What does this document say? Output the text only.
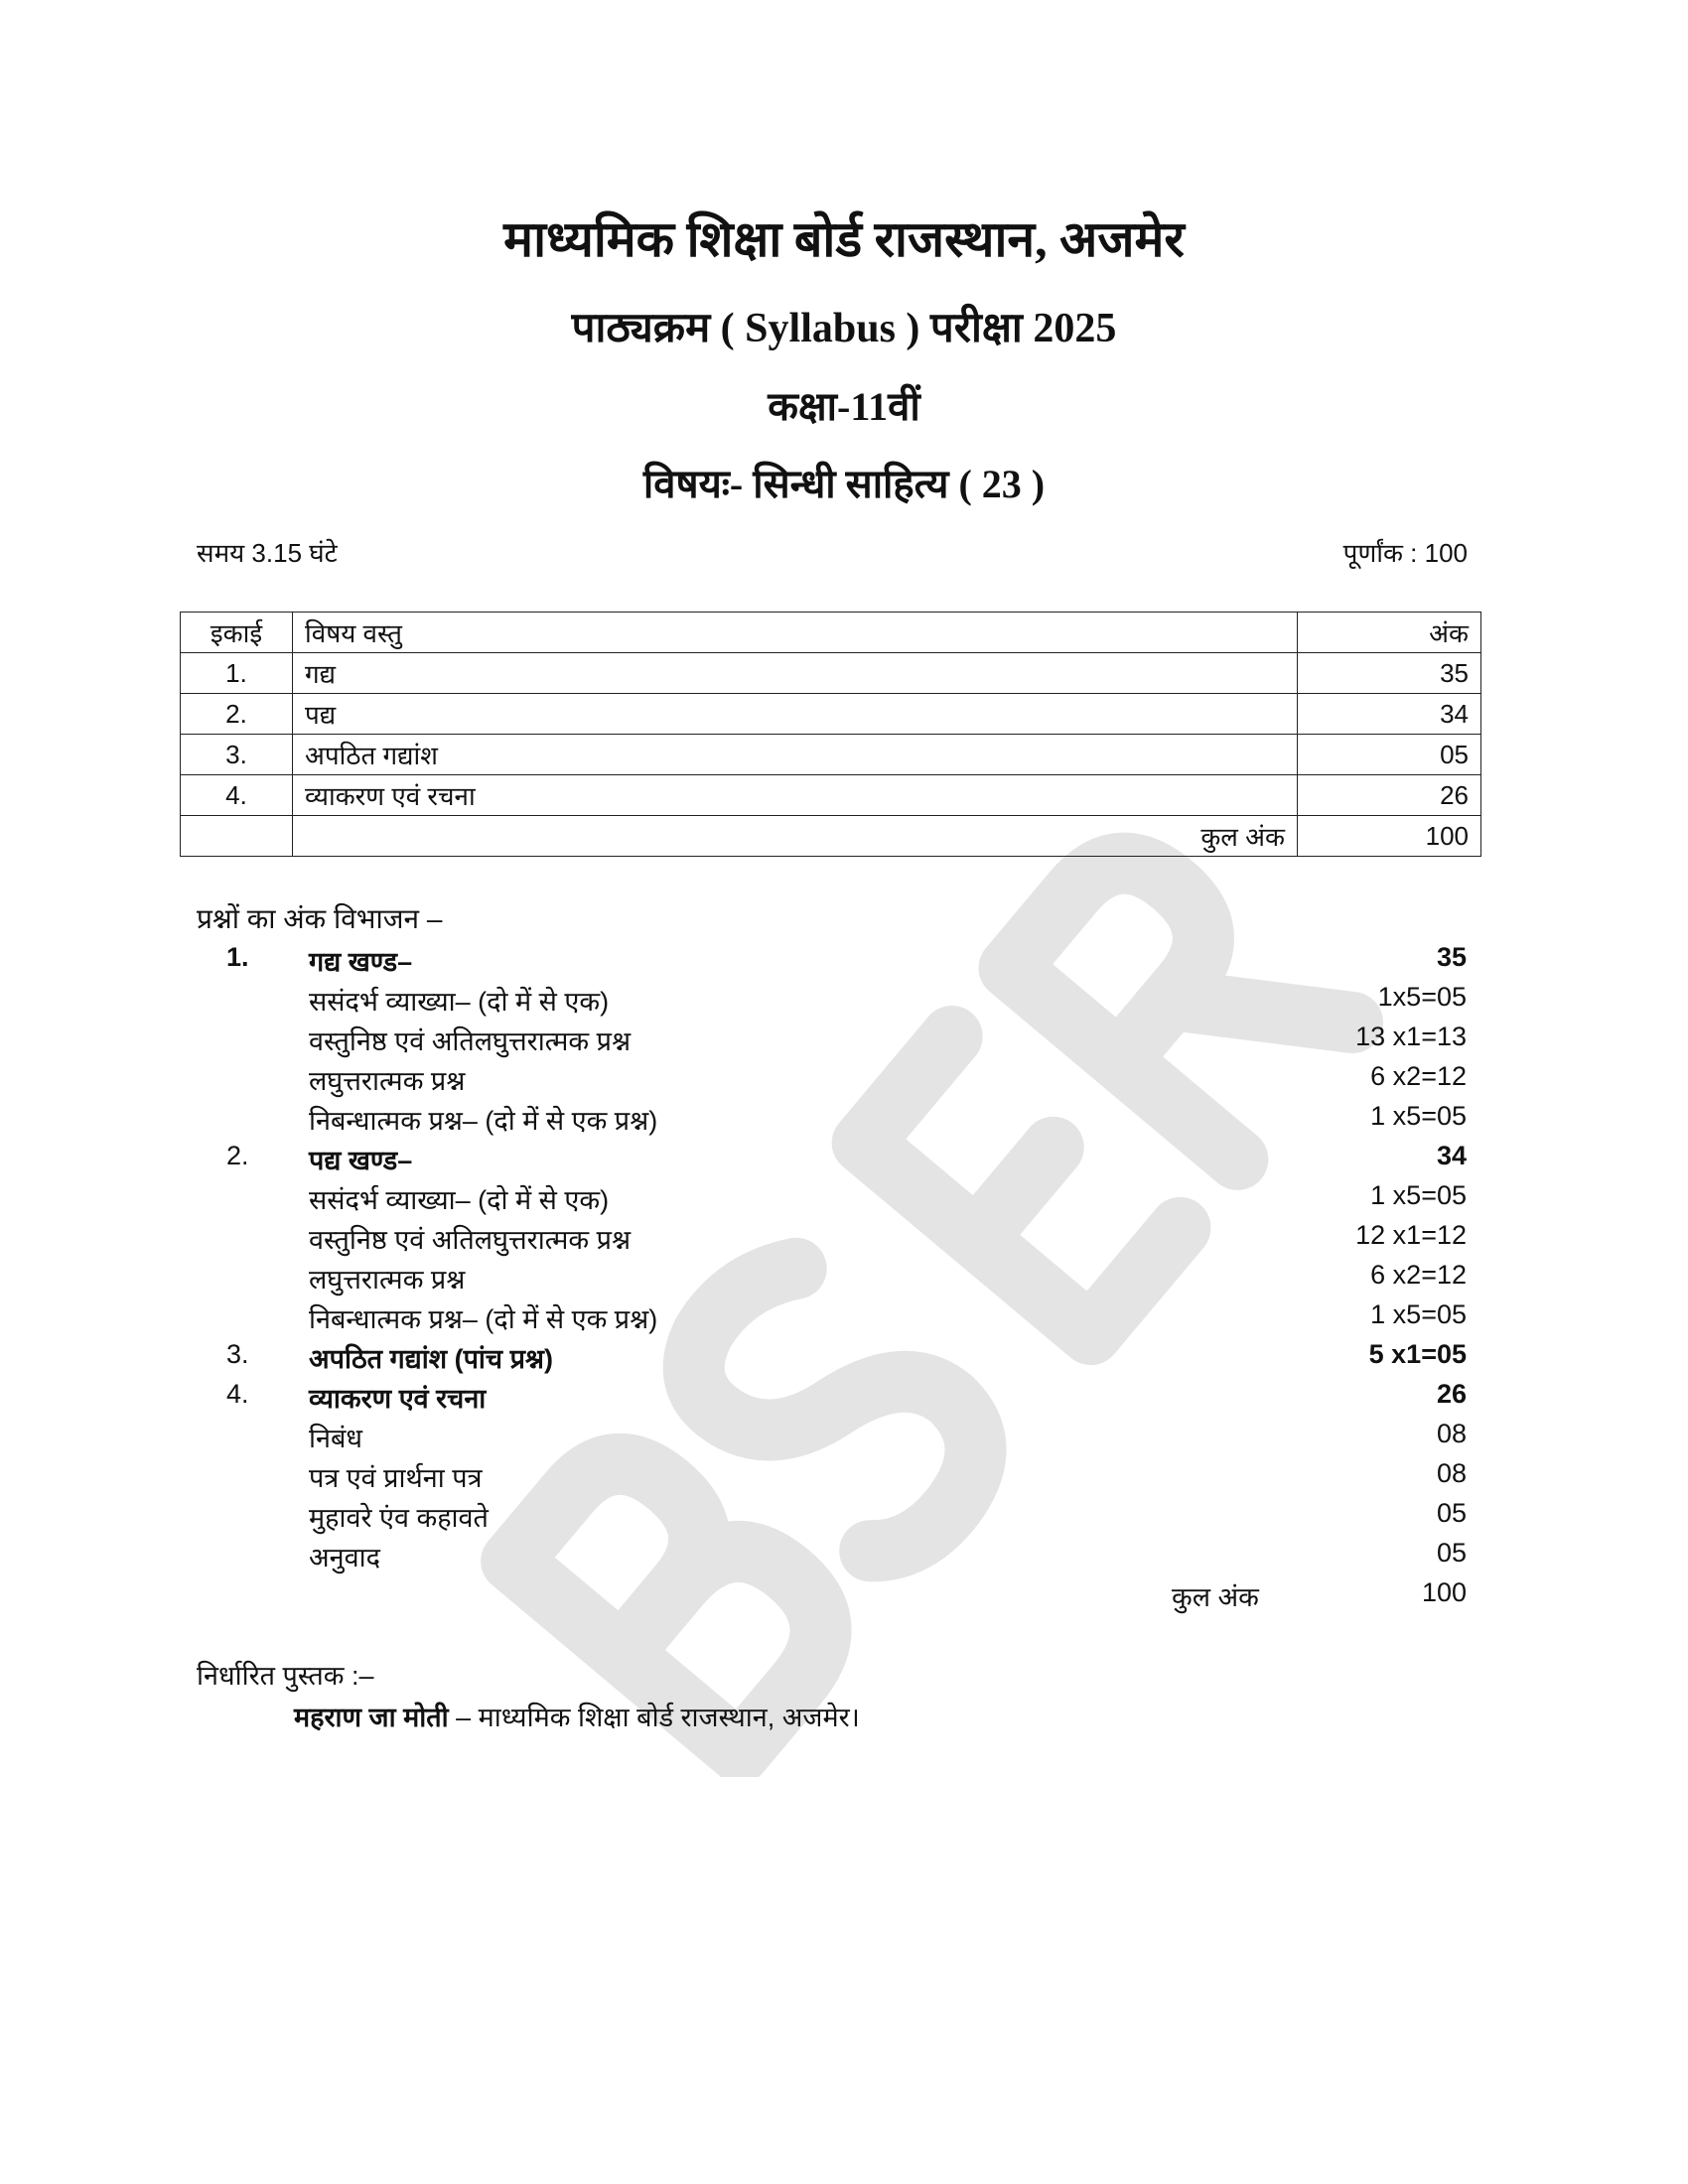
माध्यमिक शिक्षा बोर्ड राजस्थान, अजमेर
पाठ्यक्रम ( Syllabus ) परीक्षा 2025
कक्षा-11वीं
विषयः- सिन्धी साहित्य ( 23 )
समय 3.15 घंटे	पूर्णांक : 100
इकाई	विषय वस्तु	अंक
1.	गद्य	35
2.	पद्य	34
3.	अपठित गद्यांश	05
4.	व्याकरण एवं रचना	26
	कुल अंक	100
प्रश्नों का अंक विभाजन –
1. गद्य खण्ड–	35
ससंदर्भ व्याख्या– (दो में से एक)	1x5=05
वस्तुनिष्ठ एवं अतिलघुत्तरात्मक प्रश्न	13 x1=13
लघुत्तरात्मक प्रश्न	6 x2=12
निबन्धात्मक प्रश्न– (दो में से एक प्रश्न)	1 x5=05
2. पद्य खण्ड–	34
ससंदर्भ व्याख्या– (दो में से एक)	1 x5=05
वस्तुनिष्ठ एवं अतिलघुत्तरात्मक प्रश्न	12 x1=12
लघुत्तरात्मक प्रश्न	6 x2=12
निबन्धात्मक प्रश्न– (दो में से एक प्रश्न)	1 x5=05
3. अपठित गद्यांश (पांच प्रश्न)	5 x1=05
4. व्याकरण एवं रचना	26
निबंध	08
पत्र एवं प्रार्थना पत्र	08
मुहावरे एंव कहावते	05
अनुवाद	05
कुल अंक	100
निर्धारित पुस्तक :–
महराण जा मोती – माध्यमिक शिक्षा बोर्ड राजस्थान, अजमेर।
